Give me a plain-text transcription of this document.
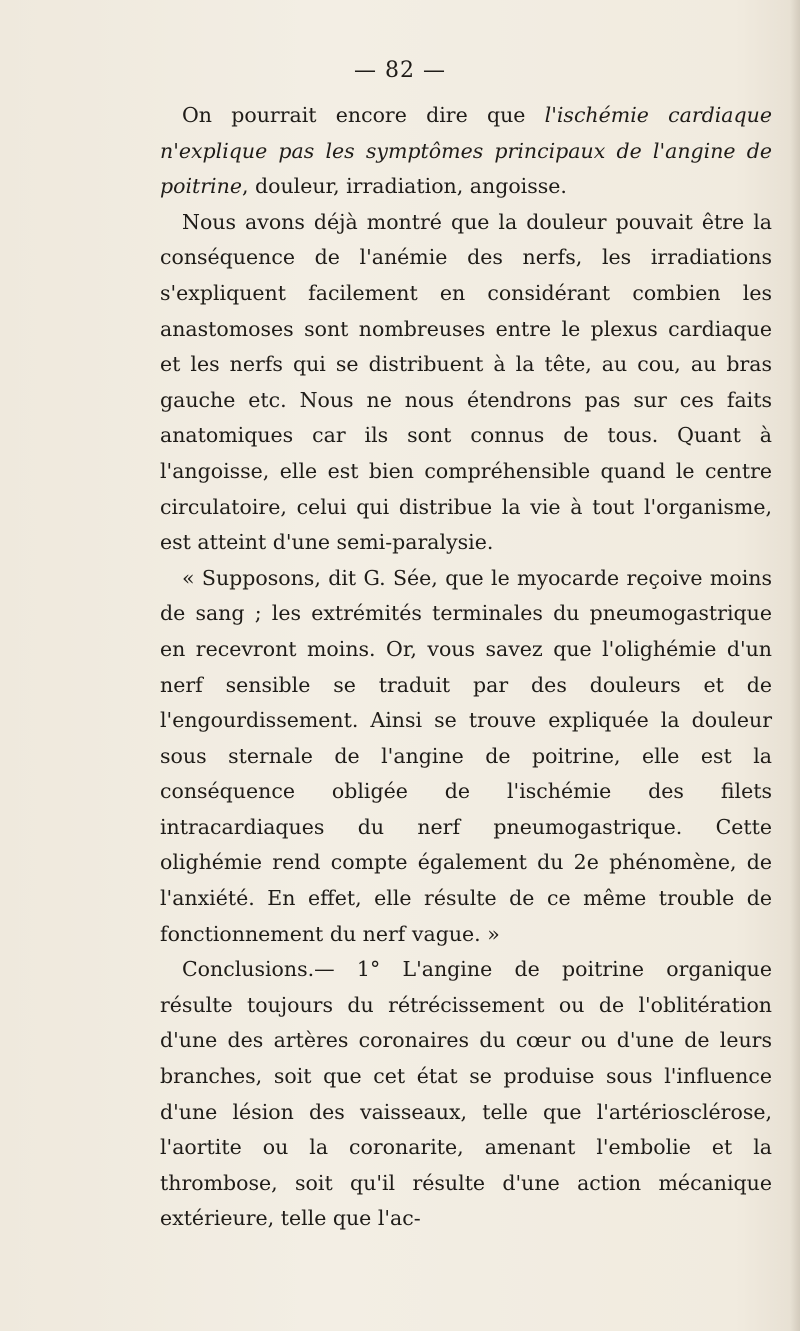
— 82 —

On pourrait encore dire que l'ischémie cardiaque n'explique pas les symptômes principaux de l'angine de poitrine, douleur, irradiation, angoisse.

Nous avons déjà montré que la douleur pouvait être la conséquence de l'anémie des nerfs, les irradiations s'expliquent facilement en considérant combien les anastomoses sont nombreuses entre le plexus cardiaque et les nerfs qui se distribuent à la tête, au cou, au bras gauche etc. Nous ne nous étendrons pas sur ces faits anatomiques car ils sont connus de tous. Quant à l'angoisse, elle est bien compréhensible quand le centre circulatoire, celui qui distribue la vie à tout l'organisme, est atteint d'une semi-paralysie.

« Supposons, dit G. Sée, que le myocarde reçoive moins de sang ; les extrémités terminales du pneumogastrique en recevront moins. Or, vous savez que l'olighémie d'un nerf sensible se traduit par des douleurs et de l'engourdissement. Ainsi se trouve expliquée la douleur sous sternale de l'angine de poitrine, elle est la conséquence obligée de l'ischémie des filets intracardiaques du nerf pneumogastrique. Cette olighémie rend compte également du 2e phénomène, de l'anxiété. En effet, elle résulte de ce même trouble de fonctionnement du nerf vague. »

Conclusions.— 1° L'angine de poitrine organique résulte toujours du rétrécissement ou de l'oblitération d'une des artères coronaires du cœur ou d'une de leurs branches, soit que cet état se produise sous l'influence d'une lésion des vaisseaux, telle que l'artériosclérose, l'aortite ou la coronarite, amenant l'embolie et la thrombose, soit qu'il résulte d'une action mécanique extérieure, telle que l'ac-
